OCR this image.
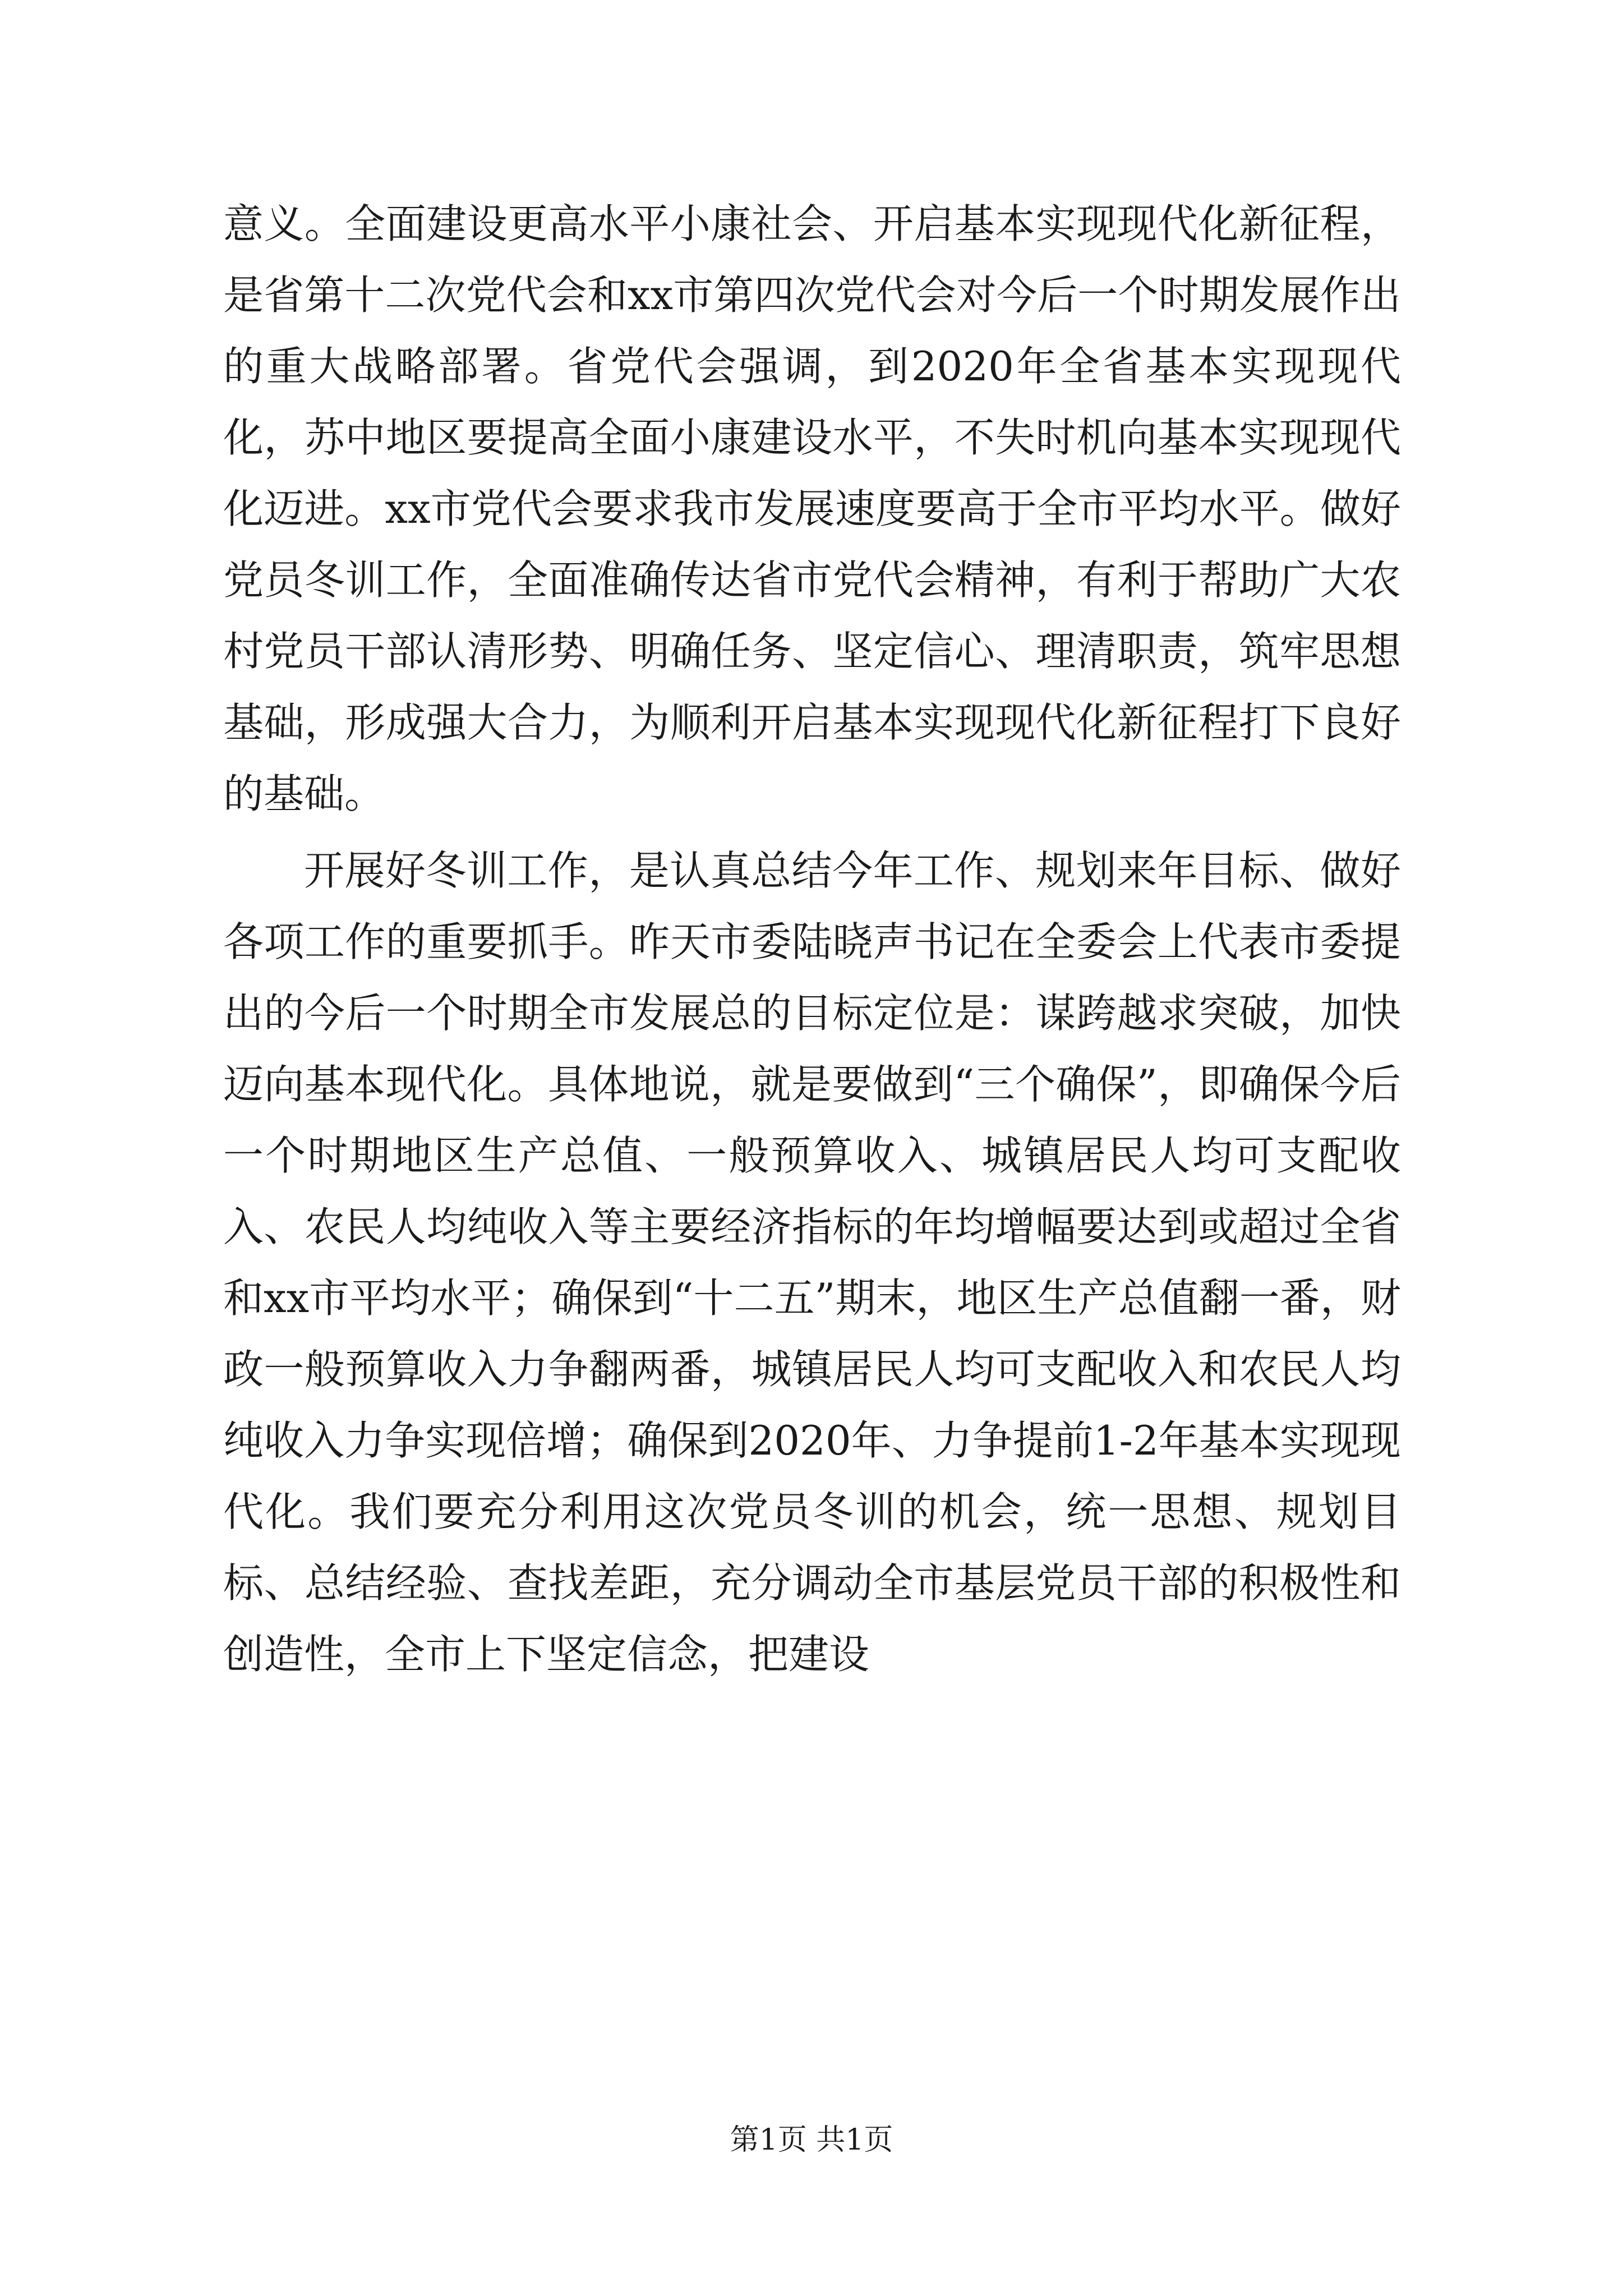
意义。全面建设更高水平小康社会、开启基本实现现代化新征程，是省第十二次党代会和xx市第四次党代会对今后一个时期发展作出的重大战略部署。省党代会强调，到2020年全省基本实现现代化，苏中地区要提高全面小康建设水平，不失时机向基本实现现代化迈进。xx市党代会要求我市发展速度要高于全市平均水平。做好党员冬训工作，全面准确传达省市党代会精神，有利于帮助广大农村党员干部认清形势、明确任务、坚定信心、理清职责，筑牢思想基础，形成强大合力，为顺利开启基本实现现代化新征程打下良好的基础。

开展好冬训工作，是认真总结今年工作、规划来年目标、做好各项工作的重要抓手。昨天市委陆晓声书记在全委会上代表市委提出的今后一个时期全市发展总的目标定位是：谋跨越求突破，加快迈向基本现代化。具体地说，就是要做到“三个确保”，即确保今后一个时期地区生产总值、一般预算收入、城镇居民人均可支配收入、农民人均纯收入等主要经济指标的年均增幅要达到或超过全省和xx市平均水平；确保到“十二五”期末，地区生产总值翻一番，财政一般预算收入力争翻两番，城镇居民人均可支配收入和农民人均纯收入力争实现倍增；确保到2020年、力争提前1-2年基本实现现代化。我们要充分利用这次党员冬训的机会，统一思想、规划目标、总结经验、查找差距，充分调动全市基层党员干部的积极性和创造性，全市上下坚定信念，把建设

第1页 共1页
